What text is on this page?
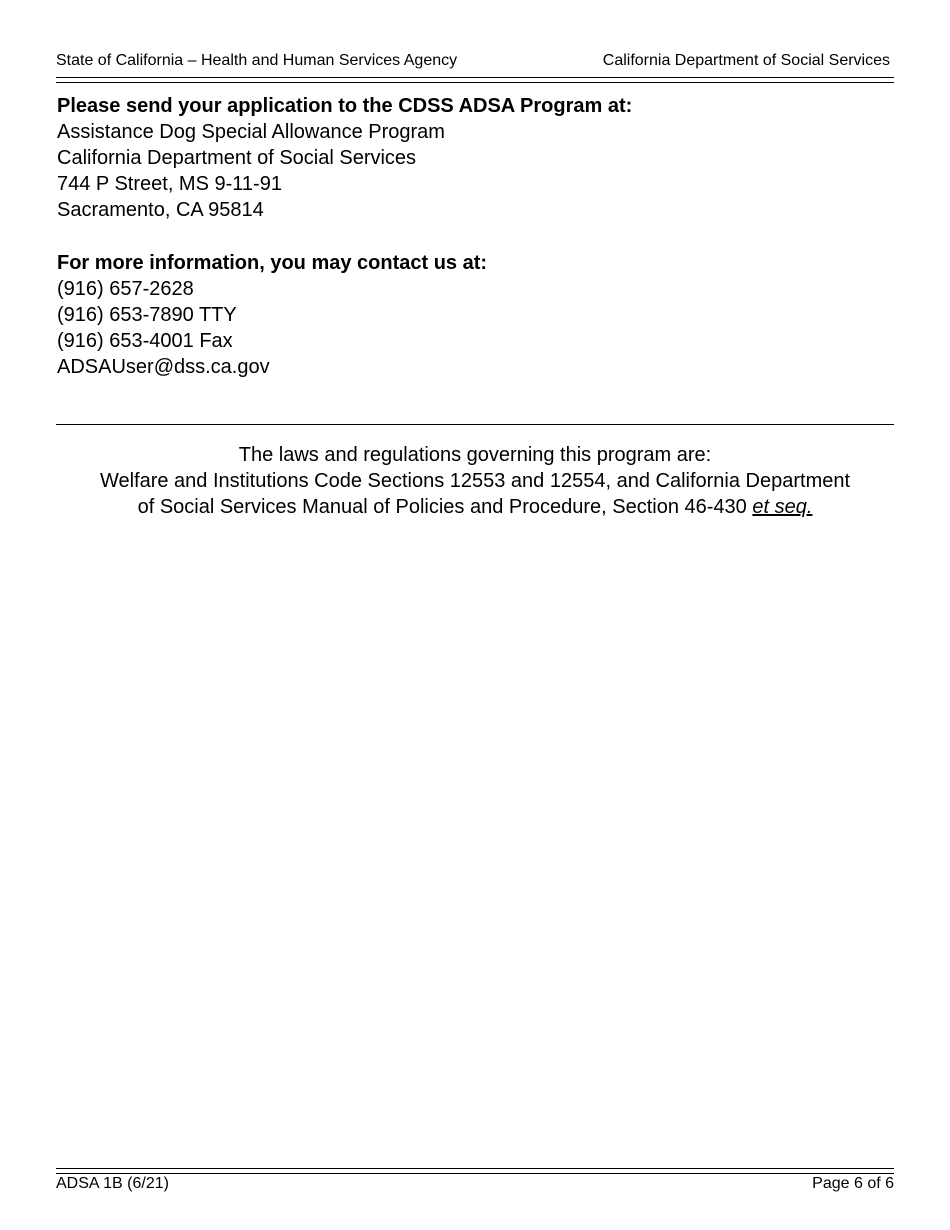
State of California – Health and Human Services Agency	California Department of Social Services
Please send your application to the CDSS ADSA Program at:
Assistance Dog Special Allowance Program
California Department of Social Services
744 P Street, MS 9-11-91
Sacramento, CA 95814
For more information, you may contact us at:
(916) 657-2628
(916) 653-7890 TTY
(916) 653-4001 Fax
ADSAUser@dss.ca.gov
The laws and regulations governing this program are:
Welfare and Institutions Code Sections 12553 and 12554, and California Department
of Social Services Manual of Policies and Procedure, Section 46-430 et seq.
ADSA 1B (6/21)	Page 6 of 6
